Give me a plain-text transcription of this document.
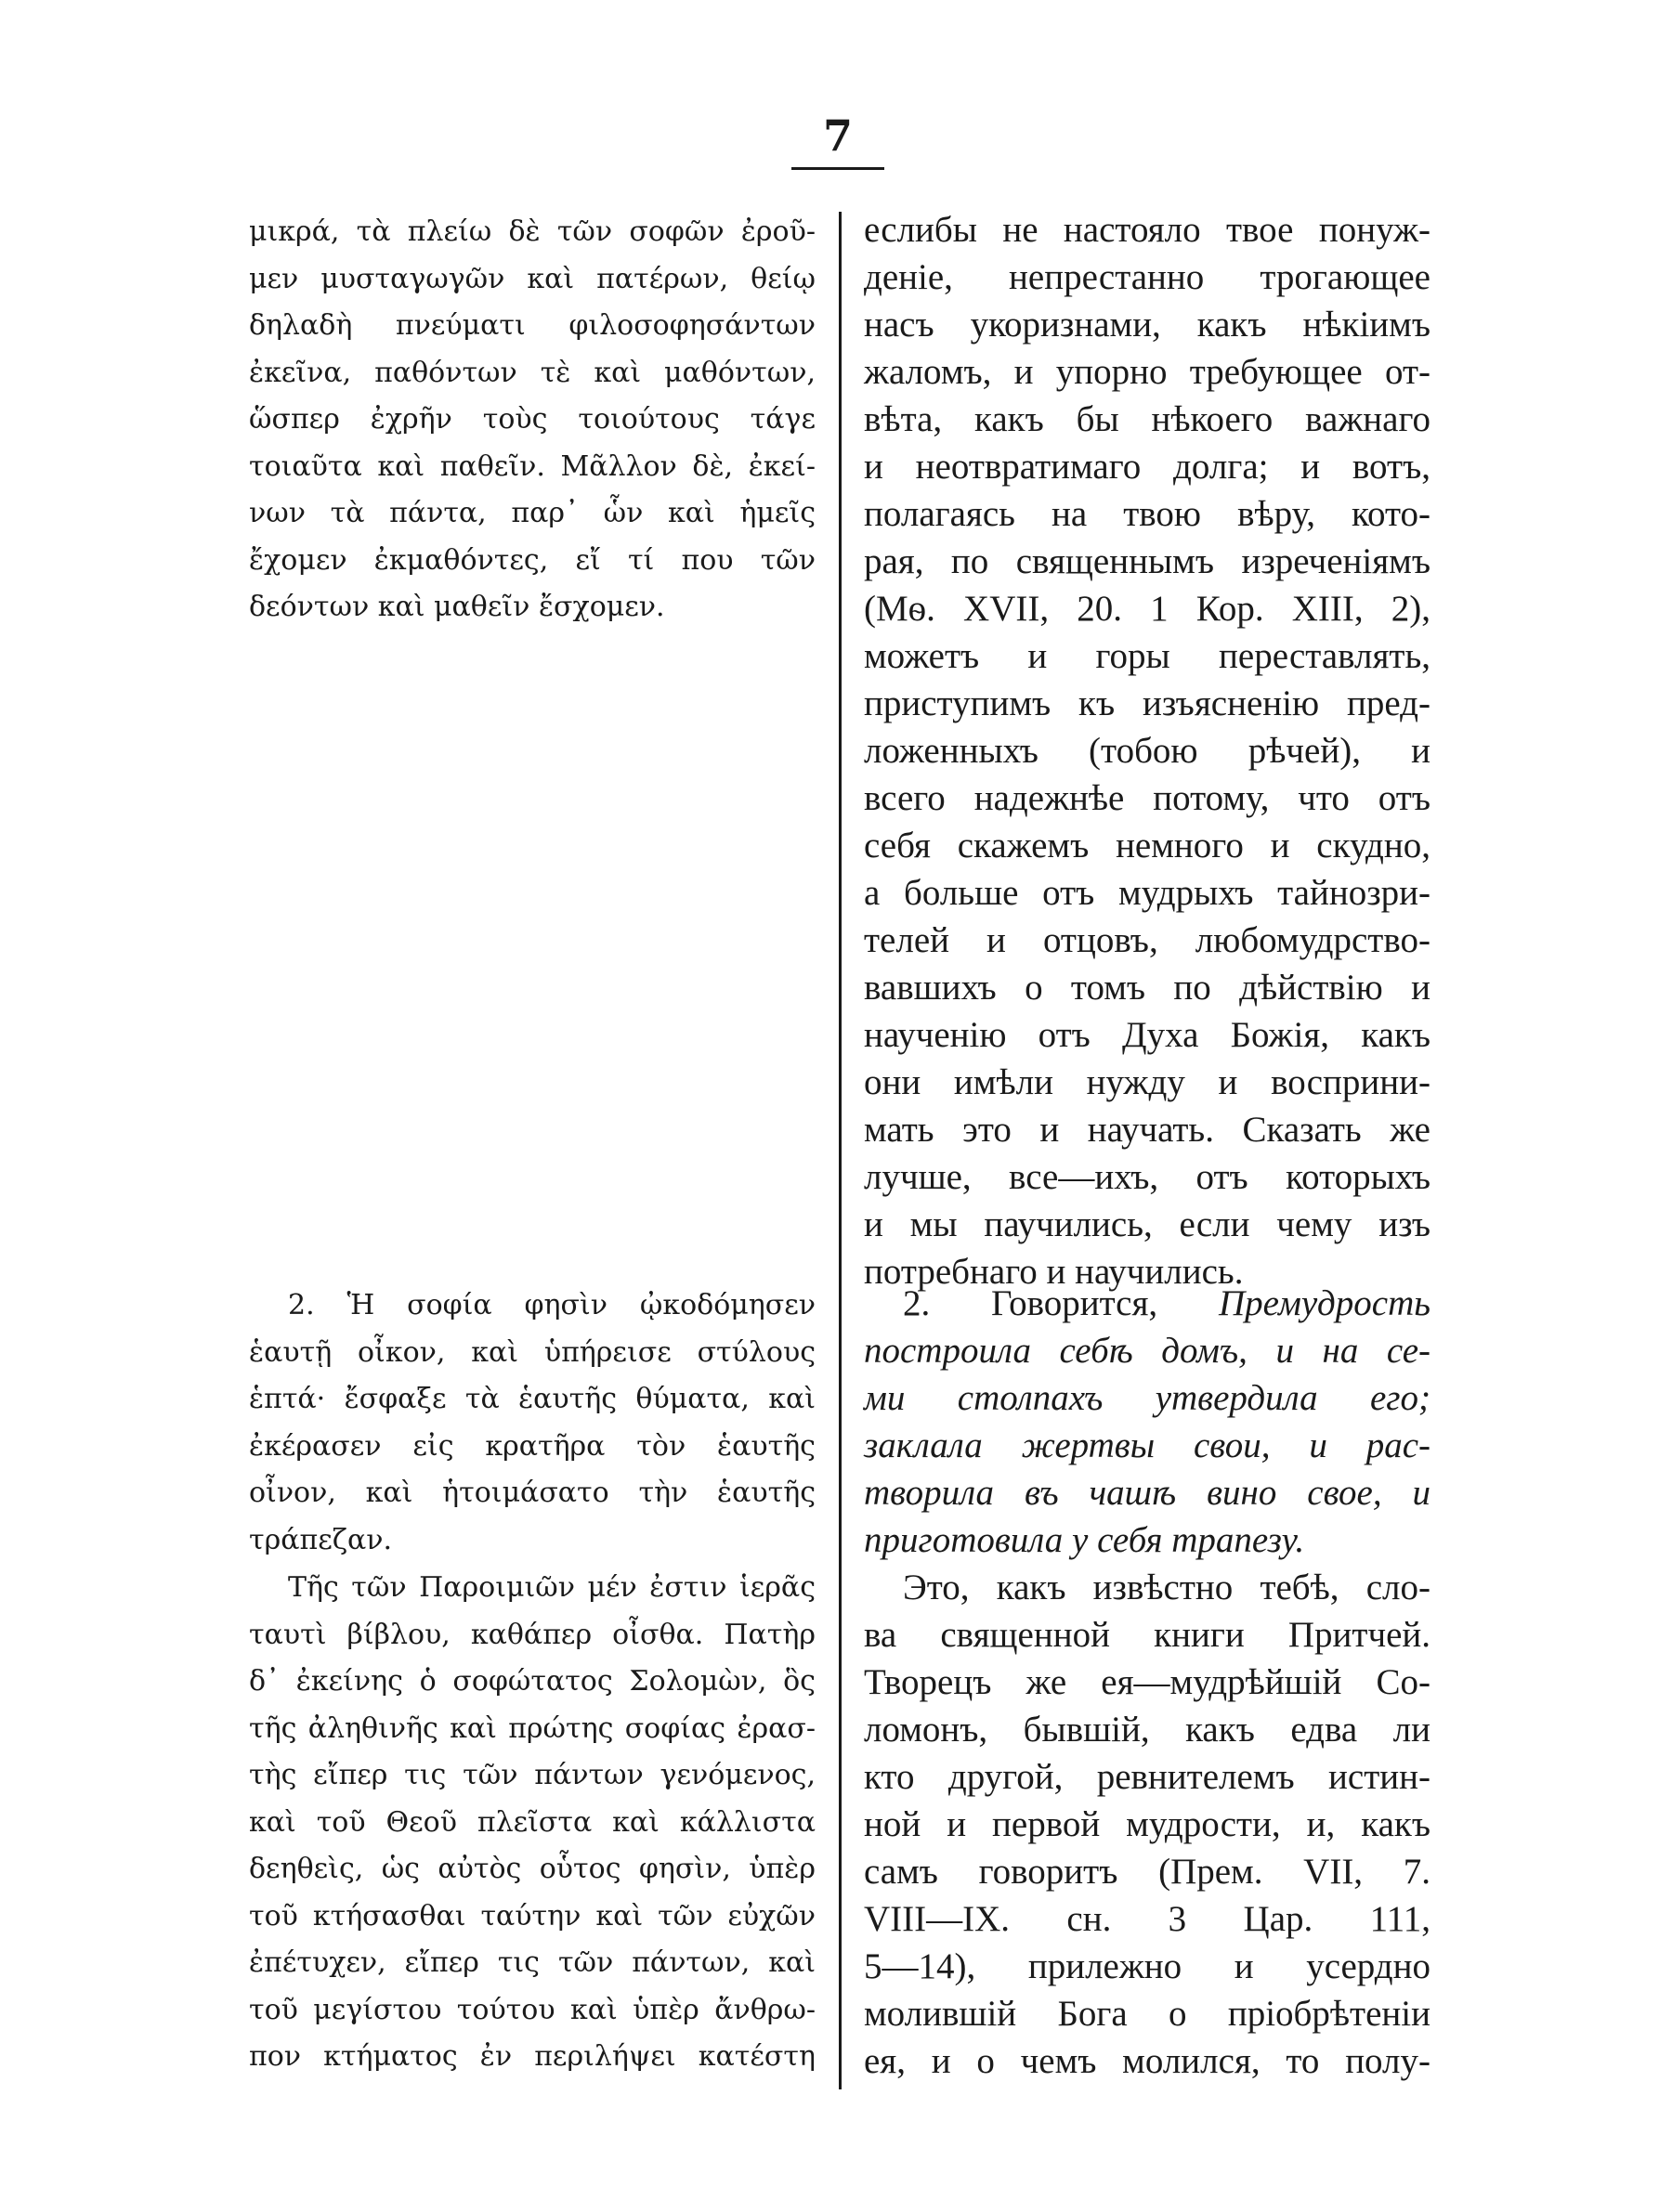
7
μικρά, τὰ πλείω δὲ τῶν σοφῶν ἐροῦ-
μεν μυσταγωγῶν καὶ πατέρων, θείῳ
δηλαδὴ πνεύματι φιλοσοφησάντων
ἐκεῖνα, παθόντων τὲ καὶ μαθόντων,
ὥσπερ ἐχρῆν τοὺς τοιούτους τάγε
τοιαῦτα καὶ παθεῖν. Μᾶλλον δὲ, ἐκεί-
νων τὰ πάντα, παρ᾽ ὧν καὶ ἡμεῖς
ἔχομεν ἐκμαθόντες, εἴ τί που τῶν
δεόντων καὶ μαθεῖν ἔσχομεν.
2. Ἡ σοφία φησὶν ᾠκοδόμησεν
ἑαυτῇ οἶκον, καὶ ὑπήρεισε στύλους
ἑπτά· ἔσφαξε τὰ ἑαυτῆς θύματα, καὶ
ἐκέρασεν εἰς κρατῆρα τὸν ἑαυτῆς
οἶνον, καὶ ἡτοιμάσατο τὴν ἑαυτῆς
τράπεζαν.
Τῆς τῶν Παροιμιῶν μέν ἐστιν ἱερᾶς
ταυτὶ βίβλου, καθάπερ οἶσθα. Πατὴρ
δ᾽ ἐκείνης ὁ σοφώτατος Σολομὼν, ὃς
τῆς ἀληθινῆς καὶ πρώτης σοφίας ἐρασ-
τὴς εἴπερ τις τῶν πάντων γενόμενος,
καὶ τοῦ Θεοῦ πλεῖστα καὶ κάλλιστα
δεηθεὶς, ὡς αὐτὸς οὗτος φησὶν, ὑπὲρ
τοῦ κτήσασθαι ταύτην καὶ τῶν εὐχῶν
ἐπέτυχεν, εἴπερ τις τῶν πάντων, καὶ
τοῦ μεγίστου τούτου καὶ ὑπὲρ ἄνθρω-
πον κτήματος ἐν περιλήψει κατέστη
еслибы не настояло твое понуж-
деніе, непрестанно трогающее
насъ укоризнами, какъ нѣкіимъ
жаломъ, и упорно требующее от-
вѣта, какъ бы нѣкоего важнаго
и неотвратимаго долга; и вотъ,
полагаясь на твою вѣру, кото-
рая, по священнымъ изреченіямъ
(Мѳ. XVII, 20. 1 Кор. XIII, 2),
можетъ и горы переставлять,
приступимъ къ изъясненію пред-
ложенныхъ (тобою рѣчей), и
всего надежнѣе потому, что отъ
себя скажемъ немного и скудно,
а больше отъ мудрыхъ тайнозри-
телей и отцовъ, любомудрство-
вавшихъ о томъ по дѣйствію и
наученію отъ Духа Божія, какъ
они имѣли нужду и восприни-
мать это и научать. Сказать же
лучше, все—ихъ, отъ которыхъ
и мы паучились, если чему изъ
потребнаго и научились.
2. Говорится, Премудрость
построила себѣ домъ, и на се-
ми столпахъ утвердила его;
заклала жертвы свои, и рас-
творила въ чашѣ вино свое, и
приготовила у себя трапезу.
Это, какъ извѣстно тебѣ, сло-
ва священной книги Притчей.
Творецъ же ея—мудрѣйшій Со-
ломонъ, бывшій, какъ едва ли
кто другой, ревнителемъ истин-
ной и первой мудрости, и, какъ
самъ говоритъ (Прем. VII, 7.
VIII—IX. сн. 3 Цар. 111,
5—14), прилежно и усердно
молившій Бога о пріобрѣтеніи
ея, и о чемъ молился, то полу-
